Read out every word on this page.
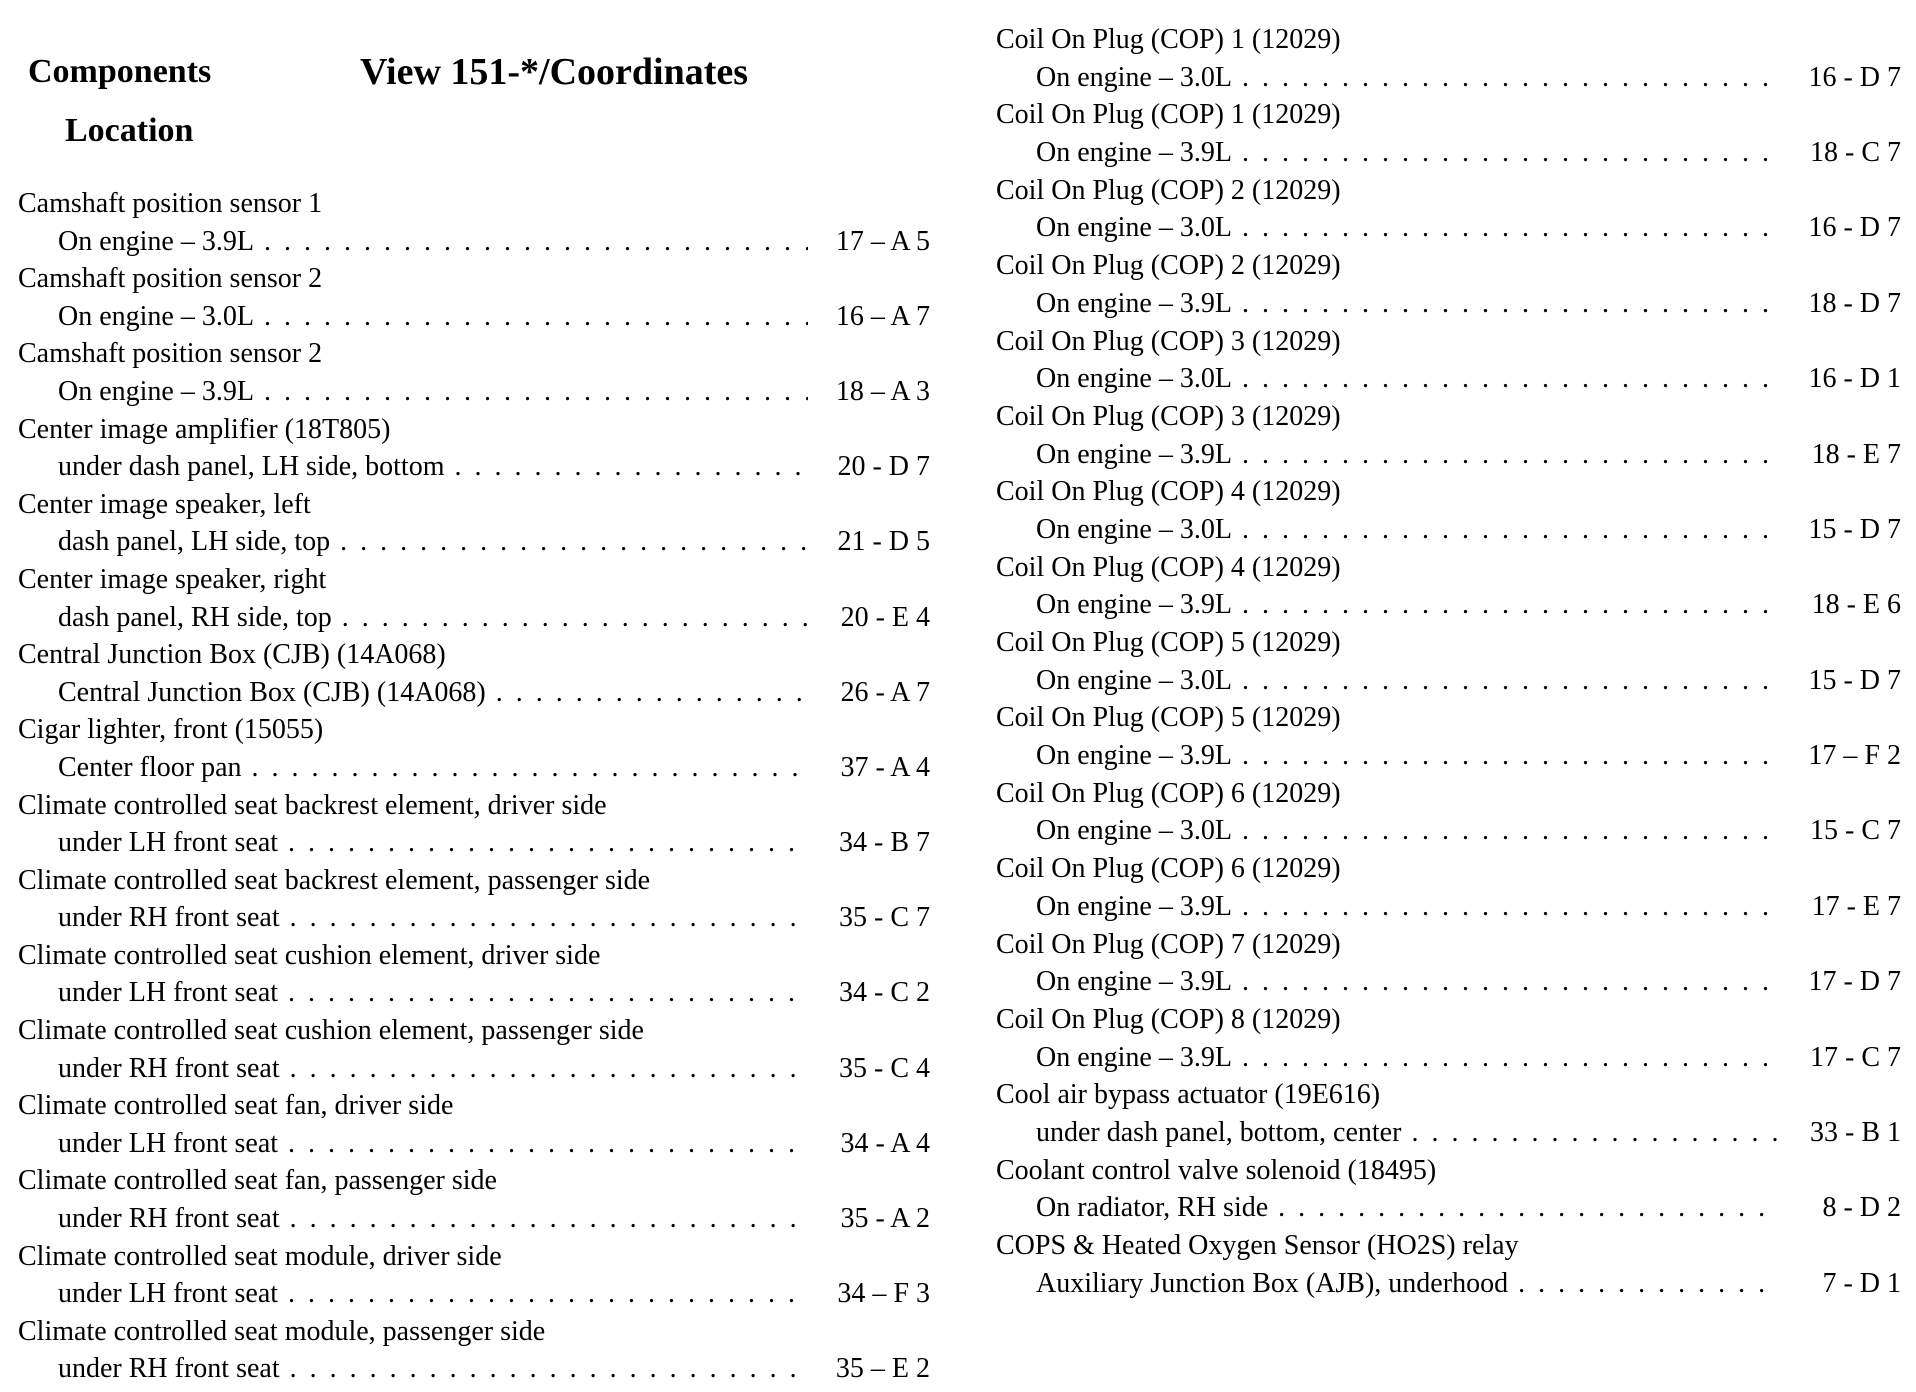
Components	View 151-*/Coordinates
Location
Camshaft position sensor 1
On engine – 3.9L . . .	17 – A 5
Camshaft position sensor 2
On engine – 3.0L . . .	16 – A 7
Camshaft position sensor 2
On engine – 3.9L . . .	18 – A 3
Center image amplifier (18T805)
under dash panel, LH side, bottom . . .	20 - D 7
Center image speaker, left
dash panel, LH side, top . . .	21 - D 5
Center image speaker, right
dash panel, RH side, top . . .	20 - E 4
Central Junction Box (CJB) (14A068)
Central Junction Box (CJB) (14A068) . . .	26 - A 7
Cigar lighter, front (15055)
Center floor pan . . .	37 - A 4
Climate controlled seat backrest element, driver side
under LH front seat . . .	34 - B 7
Climate controlled seat backrest element, passenger side
under RH front seat . . .	35 - C 7
Climate controlled seat cushion element, driver side
under LH front seat . . .	34 - C 2
Climate controlled seat cushion element, passenger side
under RH front seat . . .	35 - C 4
Climate controlled seat fan, driver side
under LH front seat . . .	34 - A 4
Climate controlled seat fan, passenger side
under RH front seat . . .	35 - A 2
Climate controlled seat module, driver side
under LH front seat . . .	34 – F 3
Climate controlled seat module, passenger side
under RH front seat . . .	35 – E 2
Coil On Plug (COP) 1 (12029)
On engine – 3.0L . . .	16 - D 7
Coil On Plug (COP) 1 (12029)
On engine – 3.9L . . .	18 - C 7
Coil On Plug (COP) 2 (12029)
On engine – 3.0L . . .	16 - D 7
Coil On Plug (COP) 2 (12029)
On engine – 3.9L . . .	18 - D 7
Coil On Plug (COP) 3 (12029)
On engine – 3.0L . . .	16 - D 1
Coil On Plug (COP) 3 (12029)
On engine – 3.9L . . .	18 - E 7
Coil On Plug (COP) 4 (12029)
On engine – 3.0L . . .	15 - D 7
Coil On Plug (COP) 4 (12029)
On engine – 3.9L . . .	18 - E 6
Coil On Plug (COP) 5 (12029)
On engine – 3.0L . . .	15 - D 7
Coil On Plug (COP) 5 (12029)
On engine – 3.9L . . .	17 – F 2
Coil On Plug (COP) 6 (12029)
On engine – 3.0L . . .	15 - C 7
Coil On Plug (COP) 6 (12029)
On engine – 3.9L . . .	17 - E 7
Coil On Plug (COP) 7 (12029)
On engine – 3.9L . . .	17 - D 7
Coil On Plug (COP) 8 (12029)
On engine – 3.9L . . .	17 - C 7
Cool air bypass actuator (19E616)
under dash panel, bottom, center . . .	33 - B 1
Coolant control valve solenoid (18495)
On radiator, RH side . . .	8 - D 2
COPS & Heated Oxygen Sensor (HO2S) relay
Auxiliary Junction Box (AJB), underhood . . .	7 - D 1
